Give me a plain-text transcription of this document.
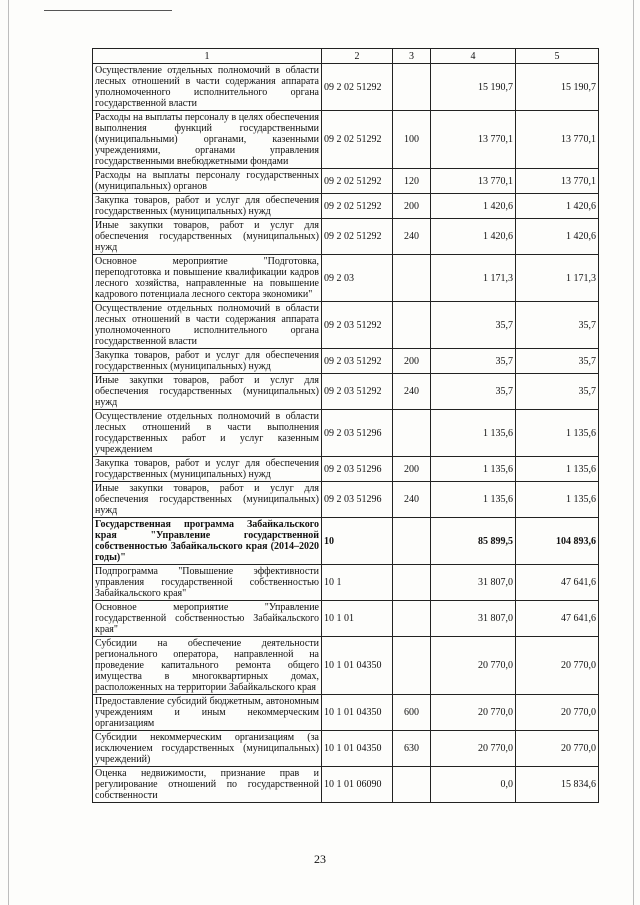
1	2	3	4	5
Осуществление отдельных полномочий в области лесных отношений в части содержания аппарата уполномоченного исполнительного органа государственной власти	09 2 02 51292		15 190,7	15 190,7
Расходы на выплаты персоналу в целях обеспечения выполнения функций государственными (муниципальными) органами, казенными учреждениями, органами управления государственными внебюджетными фондами	09 2 02 51292	100	13 770,1	13 770,1
Расходы на выплаты персоналу государственных (муниципальных) органов	09 2 02 51292	120	13 770,1	13 770,1
Закупка товаров, работ и услуг для обеспечения государственных (муниципальных) нужд	09 2 02 51292	200	1 420,6	1 420,6
Иные закупки товаров, работ и услуг для обеспечения государственных (муниципальных) нужд	09 2 02 51292	240	1 420,6	1 420,6
Основное мероприятие "Подготовка, переподготовка и повышение квалификации кадров лесного хозяйства, направленные на повышение кадрового потенциала лесного сектора экономики"	09 2 03		1 171,3	1 171,3
Осуществление отдельных полномочий в области лесных отношений в части содержания аппарата уполномоченного исполнительного органа государственной власти	09 2 03 51292		35,7	35,7
Закупка товаров, работ и услуг для обеспечения государственных (муниципальных) нужд	09 2 03 51292	200	35,7	35,7
Иные закупки товаров, работ и услуг для обеспечения государственных (муниципальных) нужд	09 2 03 51292	240	35,7	35,7
Осуществление отдельных полномочий в области лесных отношений в части выполнения государственных работ и услуг казенным учреждением	09 2 03 51296		1 135,6	1 135,6
Закупка товаров, работ и услуг для обеспечения государственных (муниципальных) нужд	09 2 03 51296	200	1 135,6	1 135,6
Иные закупки товаров, работ и услуг для обеспечения государственных (муниципальных) нужд	09 2 03 51296	240	1 135,6	1 135,6
Государственная программа Забайкальского края "Управление государственной собственностью Забайкальского края (2014–2020 годы)"	10		85 899,5	104 893,6
Подпрограмма "Повышение эффективности управления государственной собственностью Забайкальского края"	10 1		31 807,0	47 641,6
Основное мероприятие "Управление государственной собственностью Забайкальского края"	10 1 01		31 807,0	47 641,6
Субсидии на обеспечение деятельности регионального оператора, направленной на проведение капитального ремонта общего имущества в многоквартирных домах, расположенных на территории Забайкальского края	10 1 01 04350		20 770,0	20 770,0
Предоставление субсидий бюджетным, автономным учреждениям и иным некоммерческим организациям	10 1 01 04350	600	20 770,0	20 770,0
Субсидии некоммерческим организациям (за исключением государственных (муниципальных) учреждений)	10 1 01 04350	630	20 770,0	20 770,0
Оценка недвижимости, признание прав и регулирование отношений по государственной собственности	10 1 01 06090		0,0	15 834,6
23
